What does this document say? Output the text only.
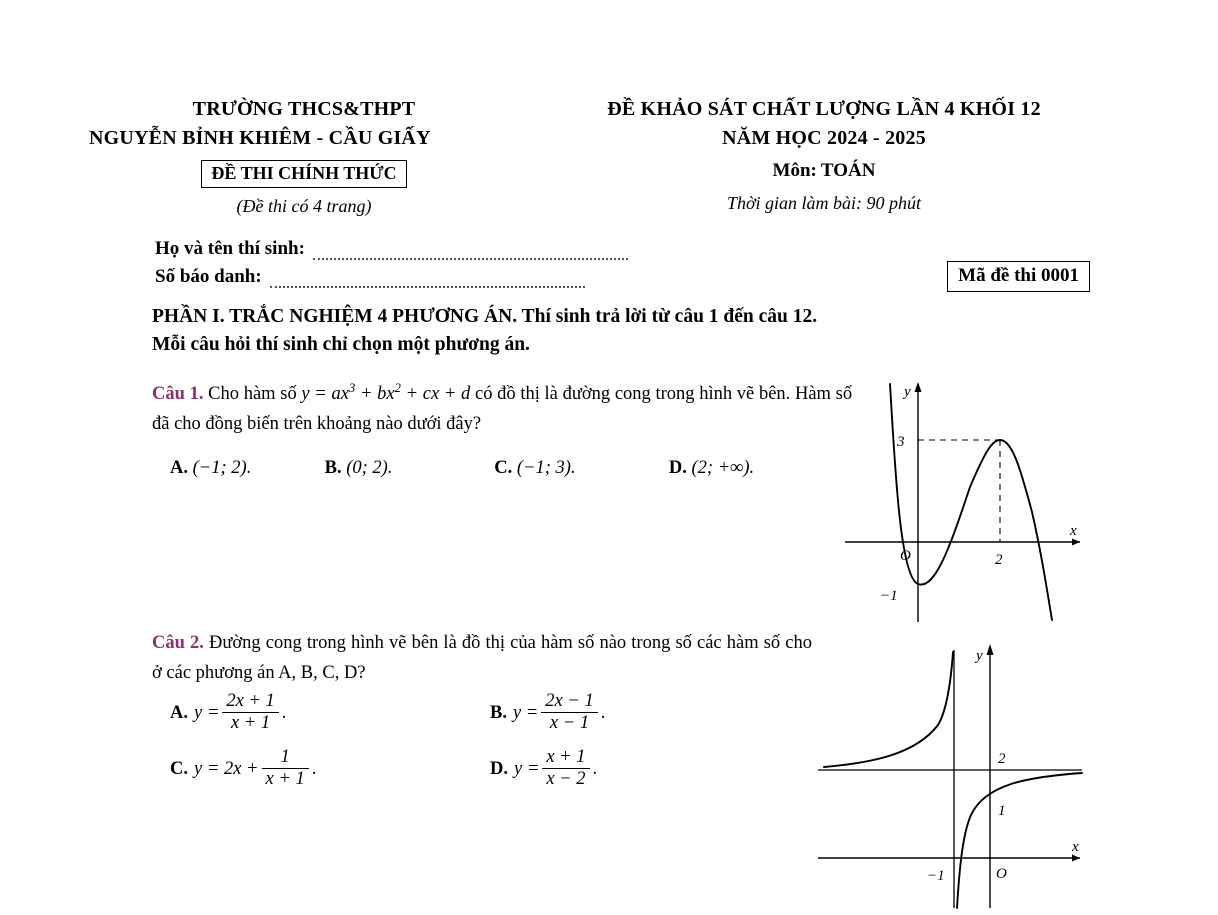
TRƯỜNG THCS&THPT	ĐỀ KHẢO SÁT CHẤT LƯỢNG LẦN 4 KHỐI 12
NGUYỄN BỈNH KHIÊM - CẦU GIẤY	NĂM HỌC 2024 - 2025
ĐỀ THI CHÍNH THỨC
(Đề thi có 4 trang)
Môn: TOÁN
Thời gian làm bài: 90 phút
Họ và tên thí sinh:
Số báo danh:	Mã đề thi 0001
PHẦN I. TRẮC NGHIỆM 4 PHƯƠNG ÁN. Thí sinh trả lời từ câu 1 đến câu 12.
Mỗi câu hỏi thí sinh chỉ chọn một phương án.
Câu 1. Cho hàm số $y = ax^3 + bx^2$ + cx + d có đồ thị là đường cong trong hình vẽ bên. Hàm số đã cho đồng biến trên khoảng nào dưới đây?
A. (−1; 2).	B. (0; 2).	C. (−1; 3).	D. (2; +∞).
y
x
O
3
2
−1
Câu 2. Đường cong trong hình vẽ bên là đồ thị của hàm số nào trong số các hàm số cho ở các phương án A, B, C, D?
A. $y = \frac{2x + 1}{x + 1}$ .	B. $y = \frac{2x - 1}{x - 1}$ .
C. $y = 2x + \frac{1}{x + 1}$ .	D. $y = \frac{x + 1}{x - 2}$ .
y
x
O
2
1
−1
